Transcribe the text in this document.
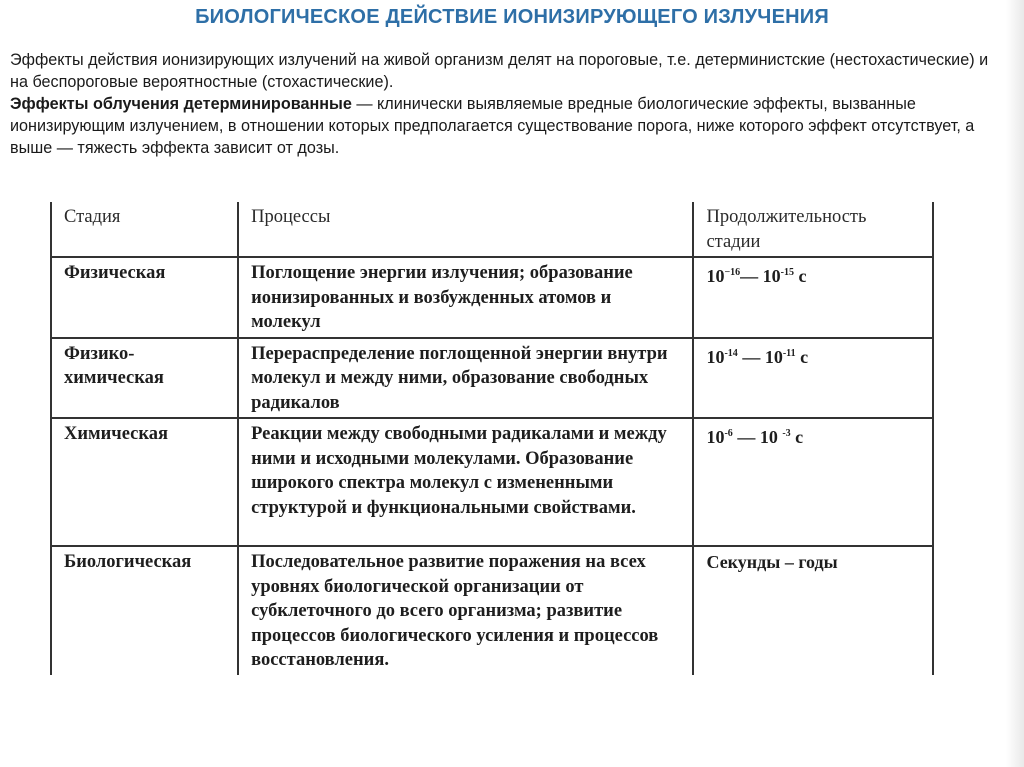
БИОЛОГИЧЕСКОЕ ДЕЙСТВИЕ ИОНИЗИРУЮЩЕГО ИЗЛУЧЕНИЯ

Эффекты действия ионизирующих излучений на живой организм делят на пороговые, т.е. детерминистские (нестохастические) и на беспороговые вероятностные (стохастические).

Эффекты облучения детерминированные — клинически выявляемые вредные биологические эффекты, вызванные ионизирующим излучением, в отношении которых предполагается существование порога, ниже которого эффект отсутствует, а выше — тяжесть эффекта зависит от дозы.

Стадия	Процессы	Продолжительность стадии
Физическая	Поглощение энергии излучения; образование ионизированных и возбужденных атомов и молекул	$10^{-16}—$ $10^{-15}$ с
Физико- химическая	Перераспределение поглощенной энергии внутри молекул и между ними, образование свободных радикалов	$10^{-14}$ — $10^{-11}$ с
Химическая	Реакции между свободными радикалами и между ними и исходными молекулами. Образование широкого спектра молекул с измененными структурой и функциональными свойствами.	$10^{-6}$ — 10 $^{-3}$ с
Биологическая	Последовательное развитие поражения на всех уровнях биологической организации от субклеточного до всего организма; развитие процессов биологического усиления и процессов восстановления.	Секунды – годы
